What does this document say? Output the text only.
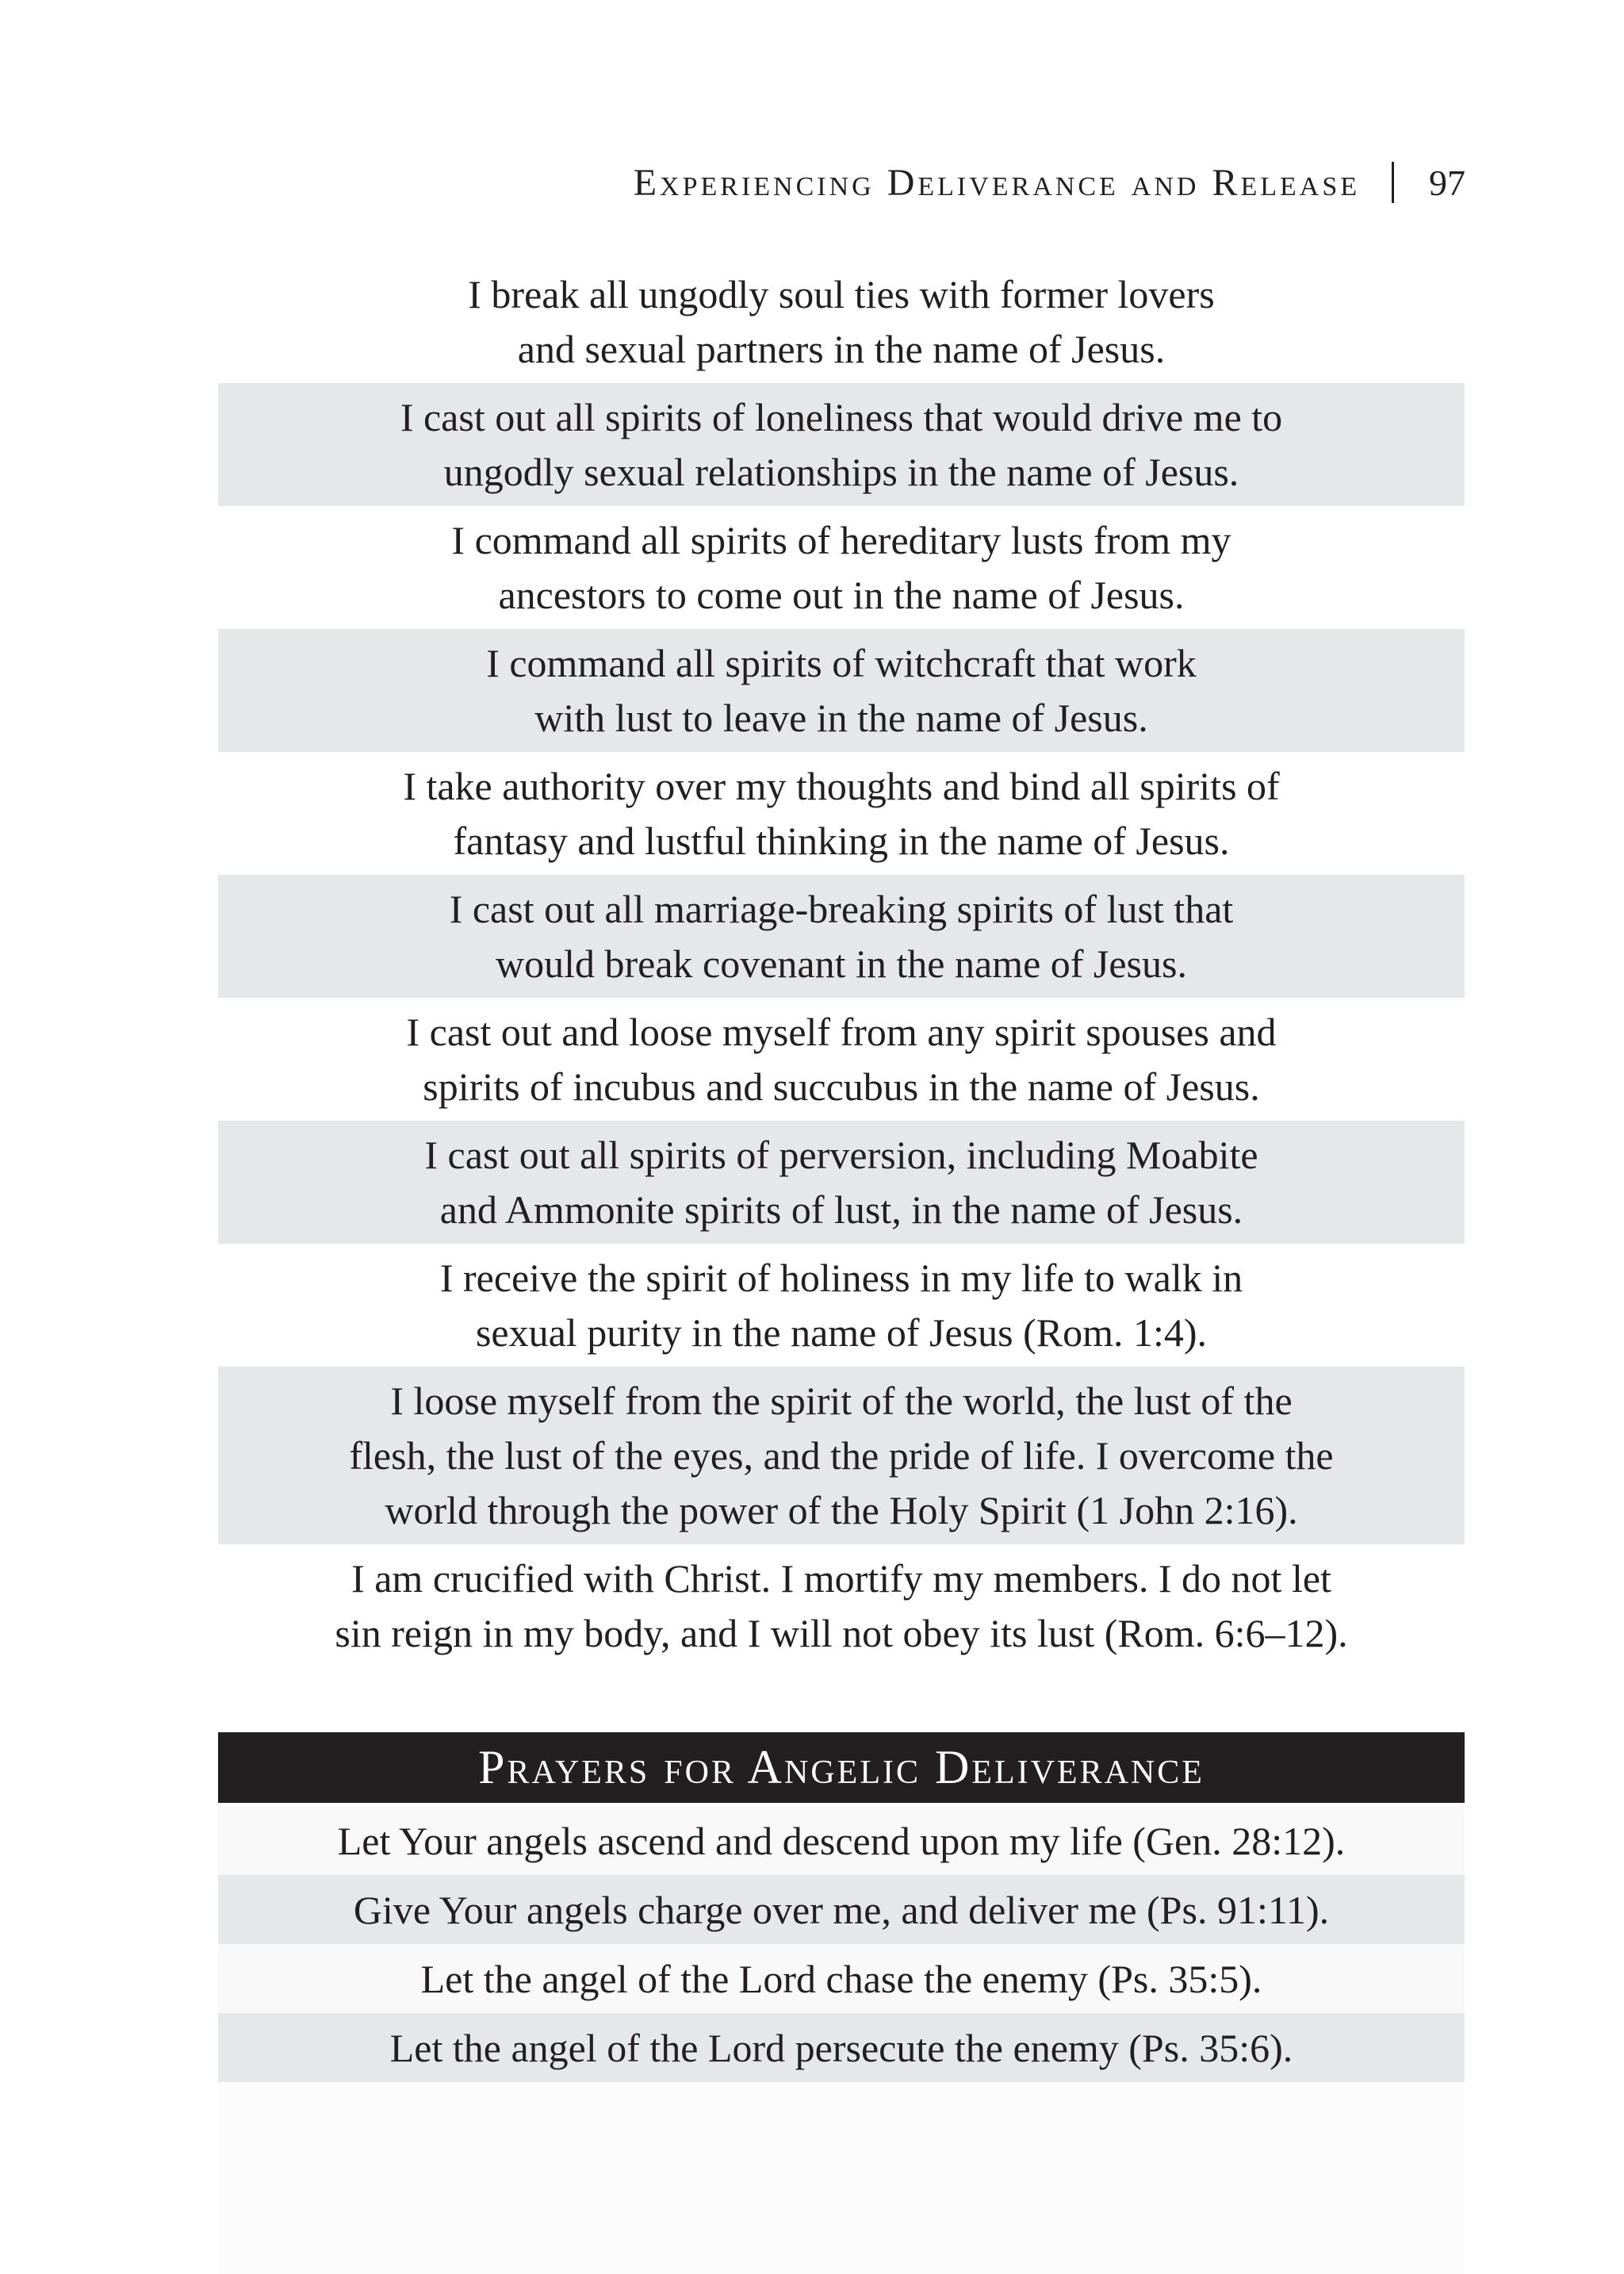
Experiencing Deliverance and Release 97
I break all ungodly soul ties with former lovers
and sexual partners in the name of Jesus.
I cast out all spirits of loneliness that would drive me to
ungodly sexual relationships in the name of Jesus.
I command all spirits of hereditary lusts from my
ancestors to come out in the name of Jesus.
I command all spirits of witchcraft that work
with lust to leave in the name of Jesus.
I take authority over my thoughts and bind all spirits of
fantasy and lustful thinking in the name of Jesus.
I cast out all marriage-breaking spirits of lust that
would break covenant in the name of Jesus.
I cast out and loose myself from any spirit spouses and
spirits of incubus and succubus in the name of Jesus.
I cast out all spirits of perversion, including Moabite
and Ammonite spirits of lust, in the name of Jesus.
I receive the spirit of holiness in my life to walk in
sexual purity in the name of Jesus (Rom. 1:4).
I loose myself from the spirit of the world, the lust of the
flesh, the lust of the eyes, and the pride of life. I overcome the
world through the power of the Holy Spirit (1 John 2:16).
I am crucified with Christ. I mortify my members. I do not let
sin reign in my body, and I will not obey its lust (Rom. 6:6–12).
Prayers for Angelic Deliverance
Let Your angels ascend and descend upon my life (Gen. 28:12).
Give Your angels charge over me, and deliver me (Ps. 91:11).
Let the angel of the Lord chase the enemy (Ps. 35:5).
Let the angel of the Lord persecute the enemy (Ps. 35:6).
